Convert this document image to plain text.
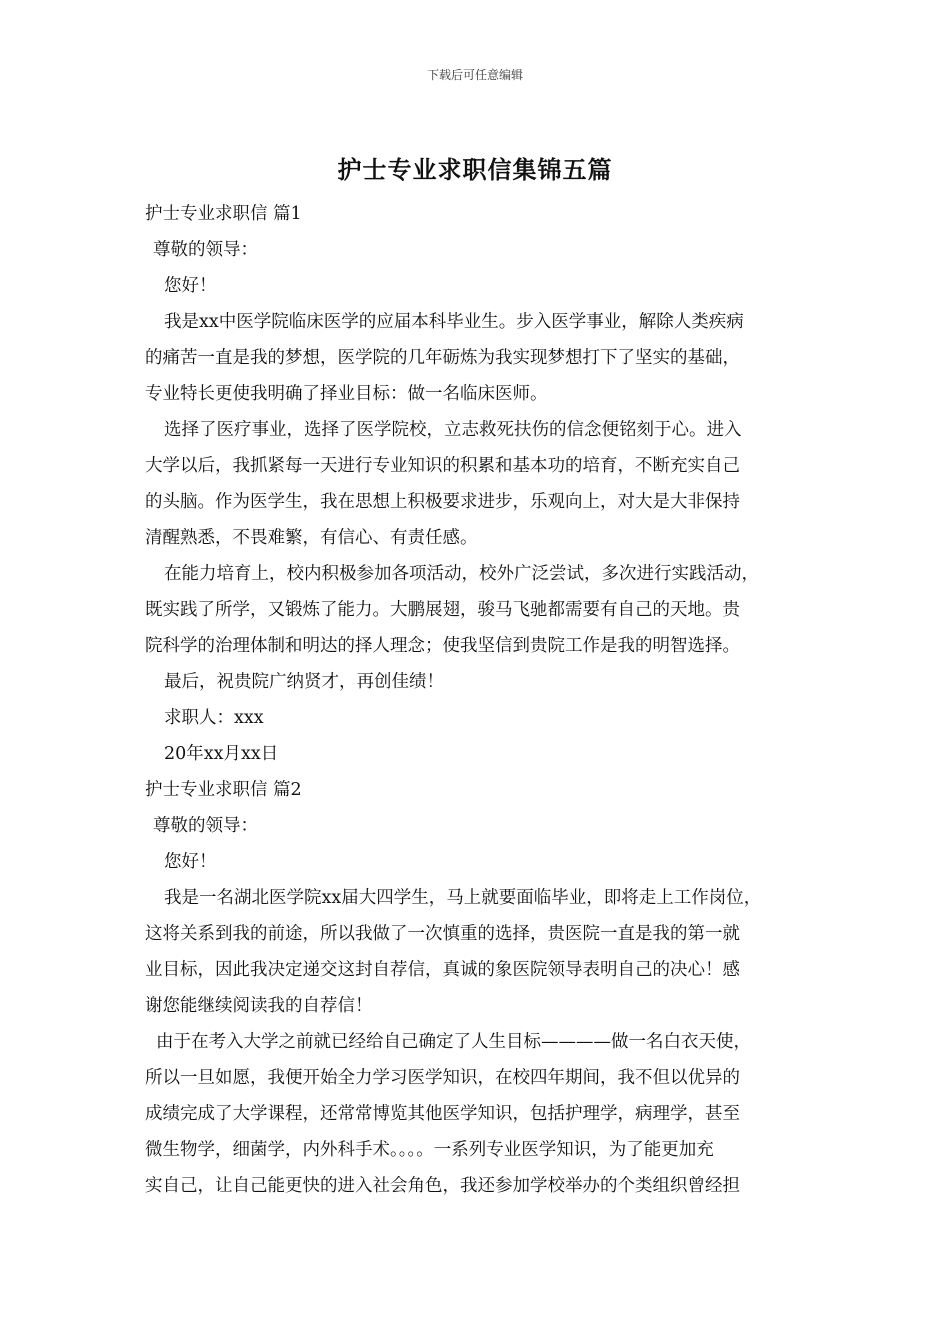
下载后可任意编辑
护士专业求职信集锦五篇

护士专业求职信 篇1

尊敬的领导：

您好！

我是xx中医学院临床医学的应届本科毕业生。步入医学事业，解除人类疾病
的痛苦一直是我的梦想，医学院的几年砺炼为我实现梦想打下了坚实的基础，
专业特长更使我明确了择业目标：做一名临床医师。

选择了医疗事业，选择了医学院校，立志救死扶伤的信念便铭刻于心。进入
大学以后，我抓紧每一天进行专业知识的积累和基本功的培育，不断充实自己
的头脑。作为医学生，我在思想上积极要求进步，乐观向上，对大是大非保持
清醒熟悉，不畏难繁，有信心、有责任感。

在能力培育上，校内积极参加各项活动，校外广泛尝试，多次进行实践活动，
既实践了所学，又锻炼了能力。大鹏展翅，骏马飞驰都需要有自己的天地。贵
院科学的治理体制和明达的择人理念；使我坚信到贵院工作是我的明智选择。

最后，祝贵院广纳贤才，再创佳绩！

求职人：xxx

20年xx月xx日

护士专业求职信 篇2

尊敬的领导：

您好！

我是一名湖北医学院xx届大四学生，马上就要面临毕业，即将走上工作岗位，
这将关系到我的前途，所以我做了一次慎重的选择，贵医院一直是我的第一就
业目标，因此我决定递交这封自荐信，真诚的象医院领导表明自己的决心！感
谢您能继续阅读我的自荐信！

由于在考入大学之前就已经给自己确定了人生目标————做一名白衣天使，
所以一旦如愿，我便开始全力学习医学知识，在校四年期间，我不但以优异的
成绩完成了大学课程，还常常博览其他医学知识，包括护理学，病理学，甚至
微生物学，细菌学，内外科手术。。。。一系列专业医学知识，为了能更加充
实自己，让自己能更快的进入社会角色，我还参加学校举办的个类组织曾经担
